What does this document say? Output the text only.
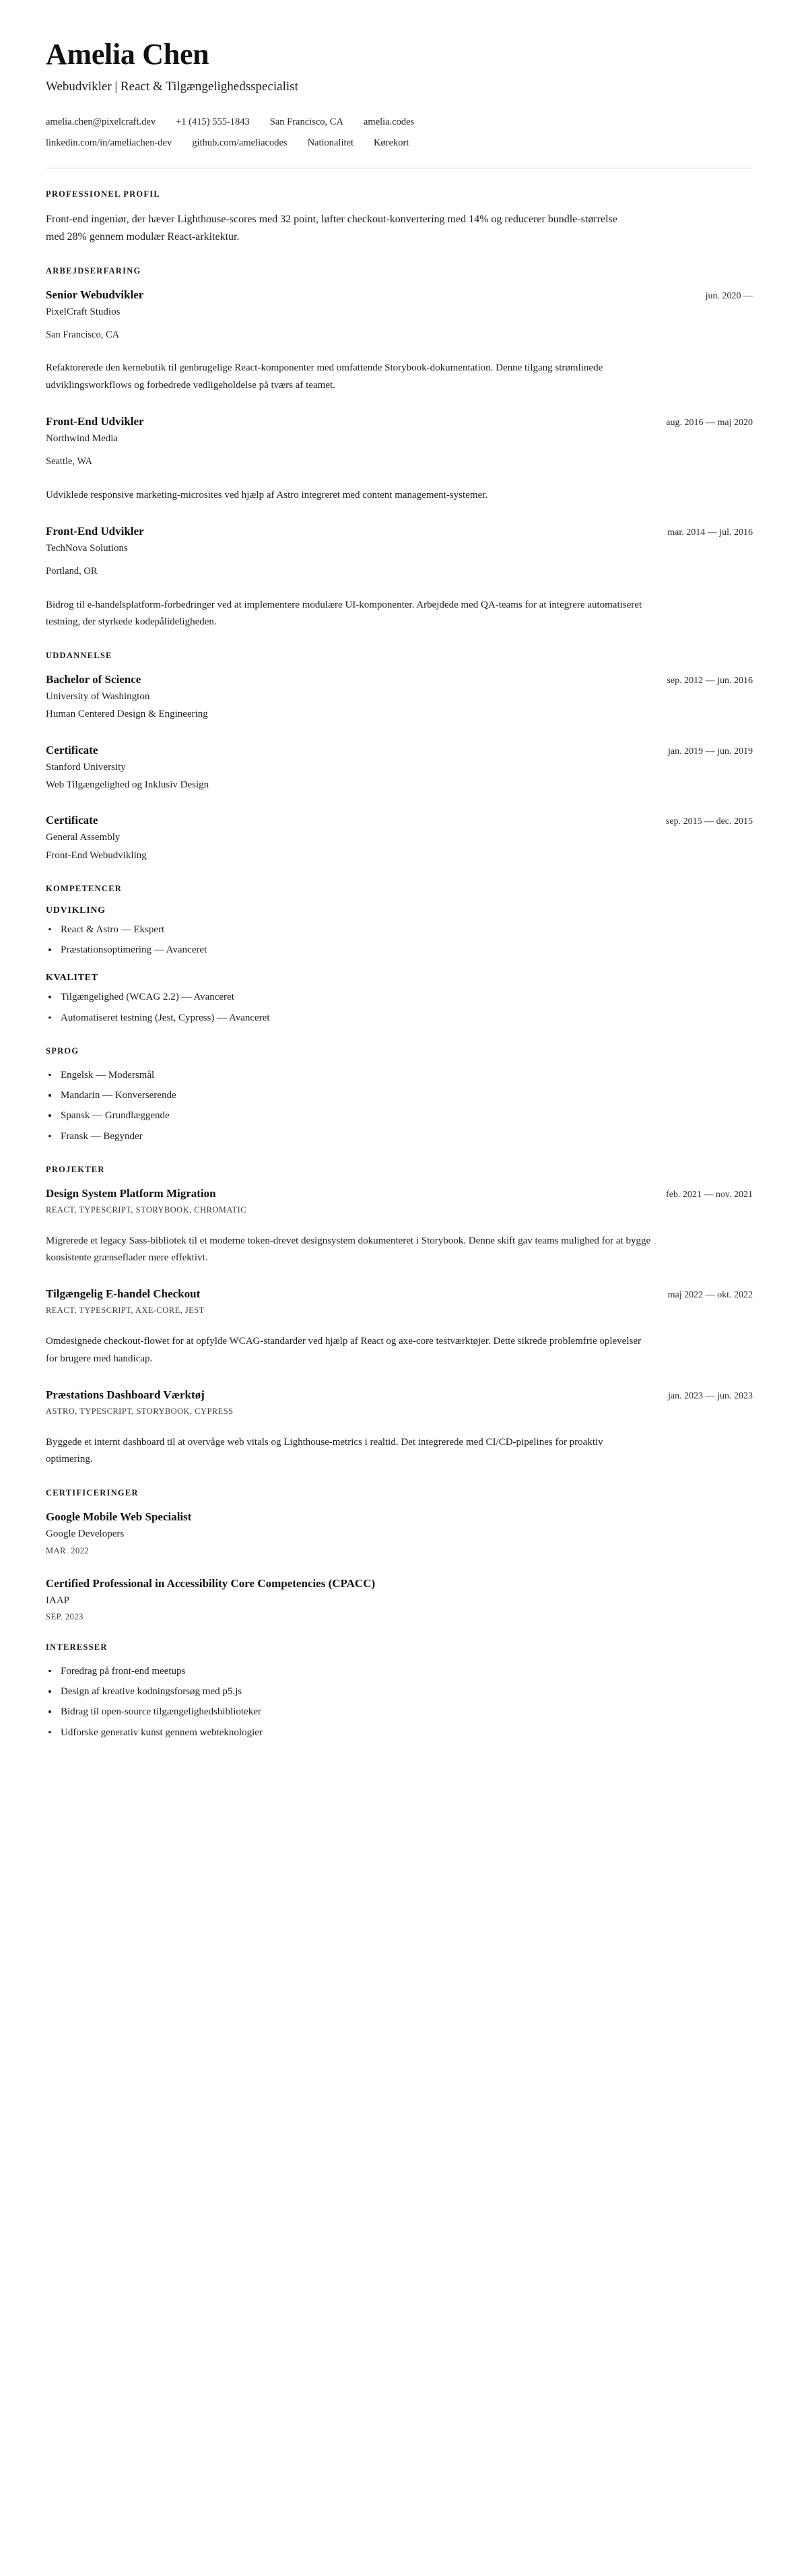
Amelia Chen

Webudvikler | React & Tilgængelighedsspecialist

amelia.chen@pixelcraft.dev +1 (415) 555-1843 San Francisco, CA amelia.codes
linkedin.com/in/ameliachen-dev github.com/ameliacodes Nationalitet Kørekort
PROFESSIONEL PROFIL

Front-end ingeniør, der hæver Lighthouse-scores med 32 point, løfter checkout-konvertering med 14% og reducerer bundle-størrelse med 28% gennem modulær React-arkitektur.

ARBEJDSERFARING
Senior Webudvikler	jun. 2020 —

PixelCraft Studios

San Francisco, CA

Refaktorerede den kernebutik til genbrugelige React-komponenter med omfattende Storybook-dokumentation. Denne tilgang strømlinede udviklingsworkflows og forbedrede vedligeholdelse på tværs af teamet.

Front-End Udvikler	aug. 2016 — maj 2020

Northwind Media

Seattle, WA

Udviklede responsive marketing-microsites ved hjælp af Astro integreret med content management-systemer.

Front-End Udvikler	mar. 2014 — jul. 2016

TechNova Solutions

Portland, OR

Bidrog til e-handelsplatform-forbedringer ved at implementere modulære UI-komponenter. Arbejdede med QA-teams for at integrere automatiseret testning, der styrkede kodepålideligheden.

UDDANNELSE
Bachelor of Science	sep. 2012 — jun. 2016

University of Washington

Human Centered Design & Engineering

Certificate	jan. 2019 — jun. 2019

Stanford University

Web Tilgængelighed og Inklusiv Design

Certificate	sep. 2015 — dec. 2015

General Assembly

Front-End Webudvikling

KOMPETENCER
UDVIKLING
React & Astro — Ekspert
Præstationsoptimering — Avanceret
KVALITET
Tilgængelighed (WCAG 2.2) — Avanceret
Automatiseret testning (Jest, Cypress) — Avanceret
SPROG
Engelsk — Modersmål
Mandarin — Konverserende
Spansk — Grundlæggende
Fransk — Begynder
PROJEKTER
Design System Platform Migration	feb. 2021 — nov. 2021

REACT, TYPESCRIPT, STORYBOOK, CHROMATIC

Migrerede et legacy Sass-bibliotek til et moderne token-drevet designsystem dokumenteret i Storybook. Denne skift gav teams mulighed for at bygge konsistente grænseflader mere effektivt.

Tilgængelig E-handel Checkout	maj 2022 — okt. 2022

REACT, TYPESCRIPT, AXE-CORE, JEST

Omdesignede checkout-flowet for at opfylde WCAG-standarder ved hjælp af React og axe-core testværktøjer. Dette sikrede problemfrie oplevelser for brugere med handicap.

Præstations Dashboard Værktøj	jan. 2023 — jun. 2023

ASTRO, TYPESCRIPT, STORYBOOK, CYPRESS

Byggede et internt dashboard til at overvåge web vitals og Lighthouse-metrics i realtid. Det integrerede med CI/CD-pipelines for proaktiv optimering.

CERTIFICERINGER
Google Mobile Web Specialist

Google Developers

MAR. 2022

Certified Professional in Accessibility Core Competencies (CPACC)

IAAP

SEP. 2023

INTERESSER
Foredrag på front-end meetups
Design af kreative kodningsforsøg med p5.js
Bidrag til open-source tilgængelighedsbiblioteker
Udforske generativ kunst gennem webteknologier
